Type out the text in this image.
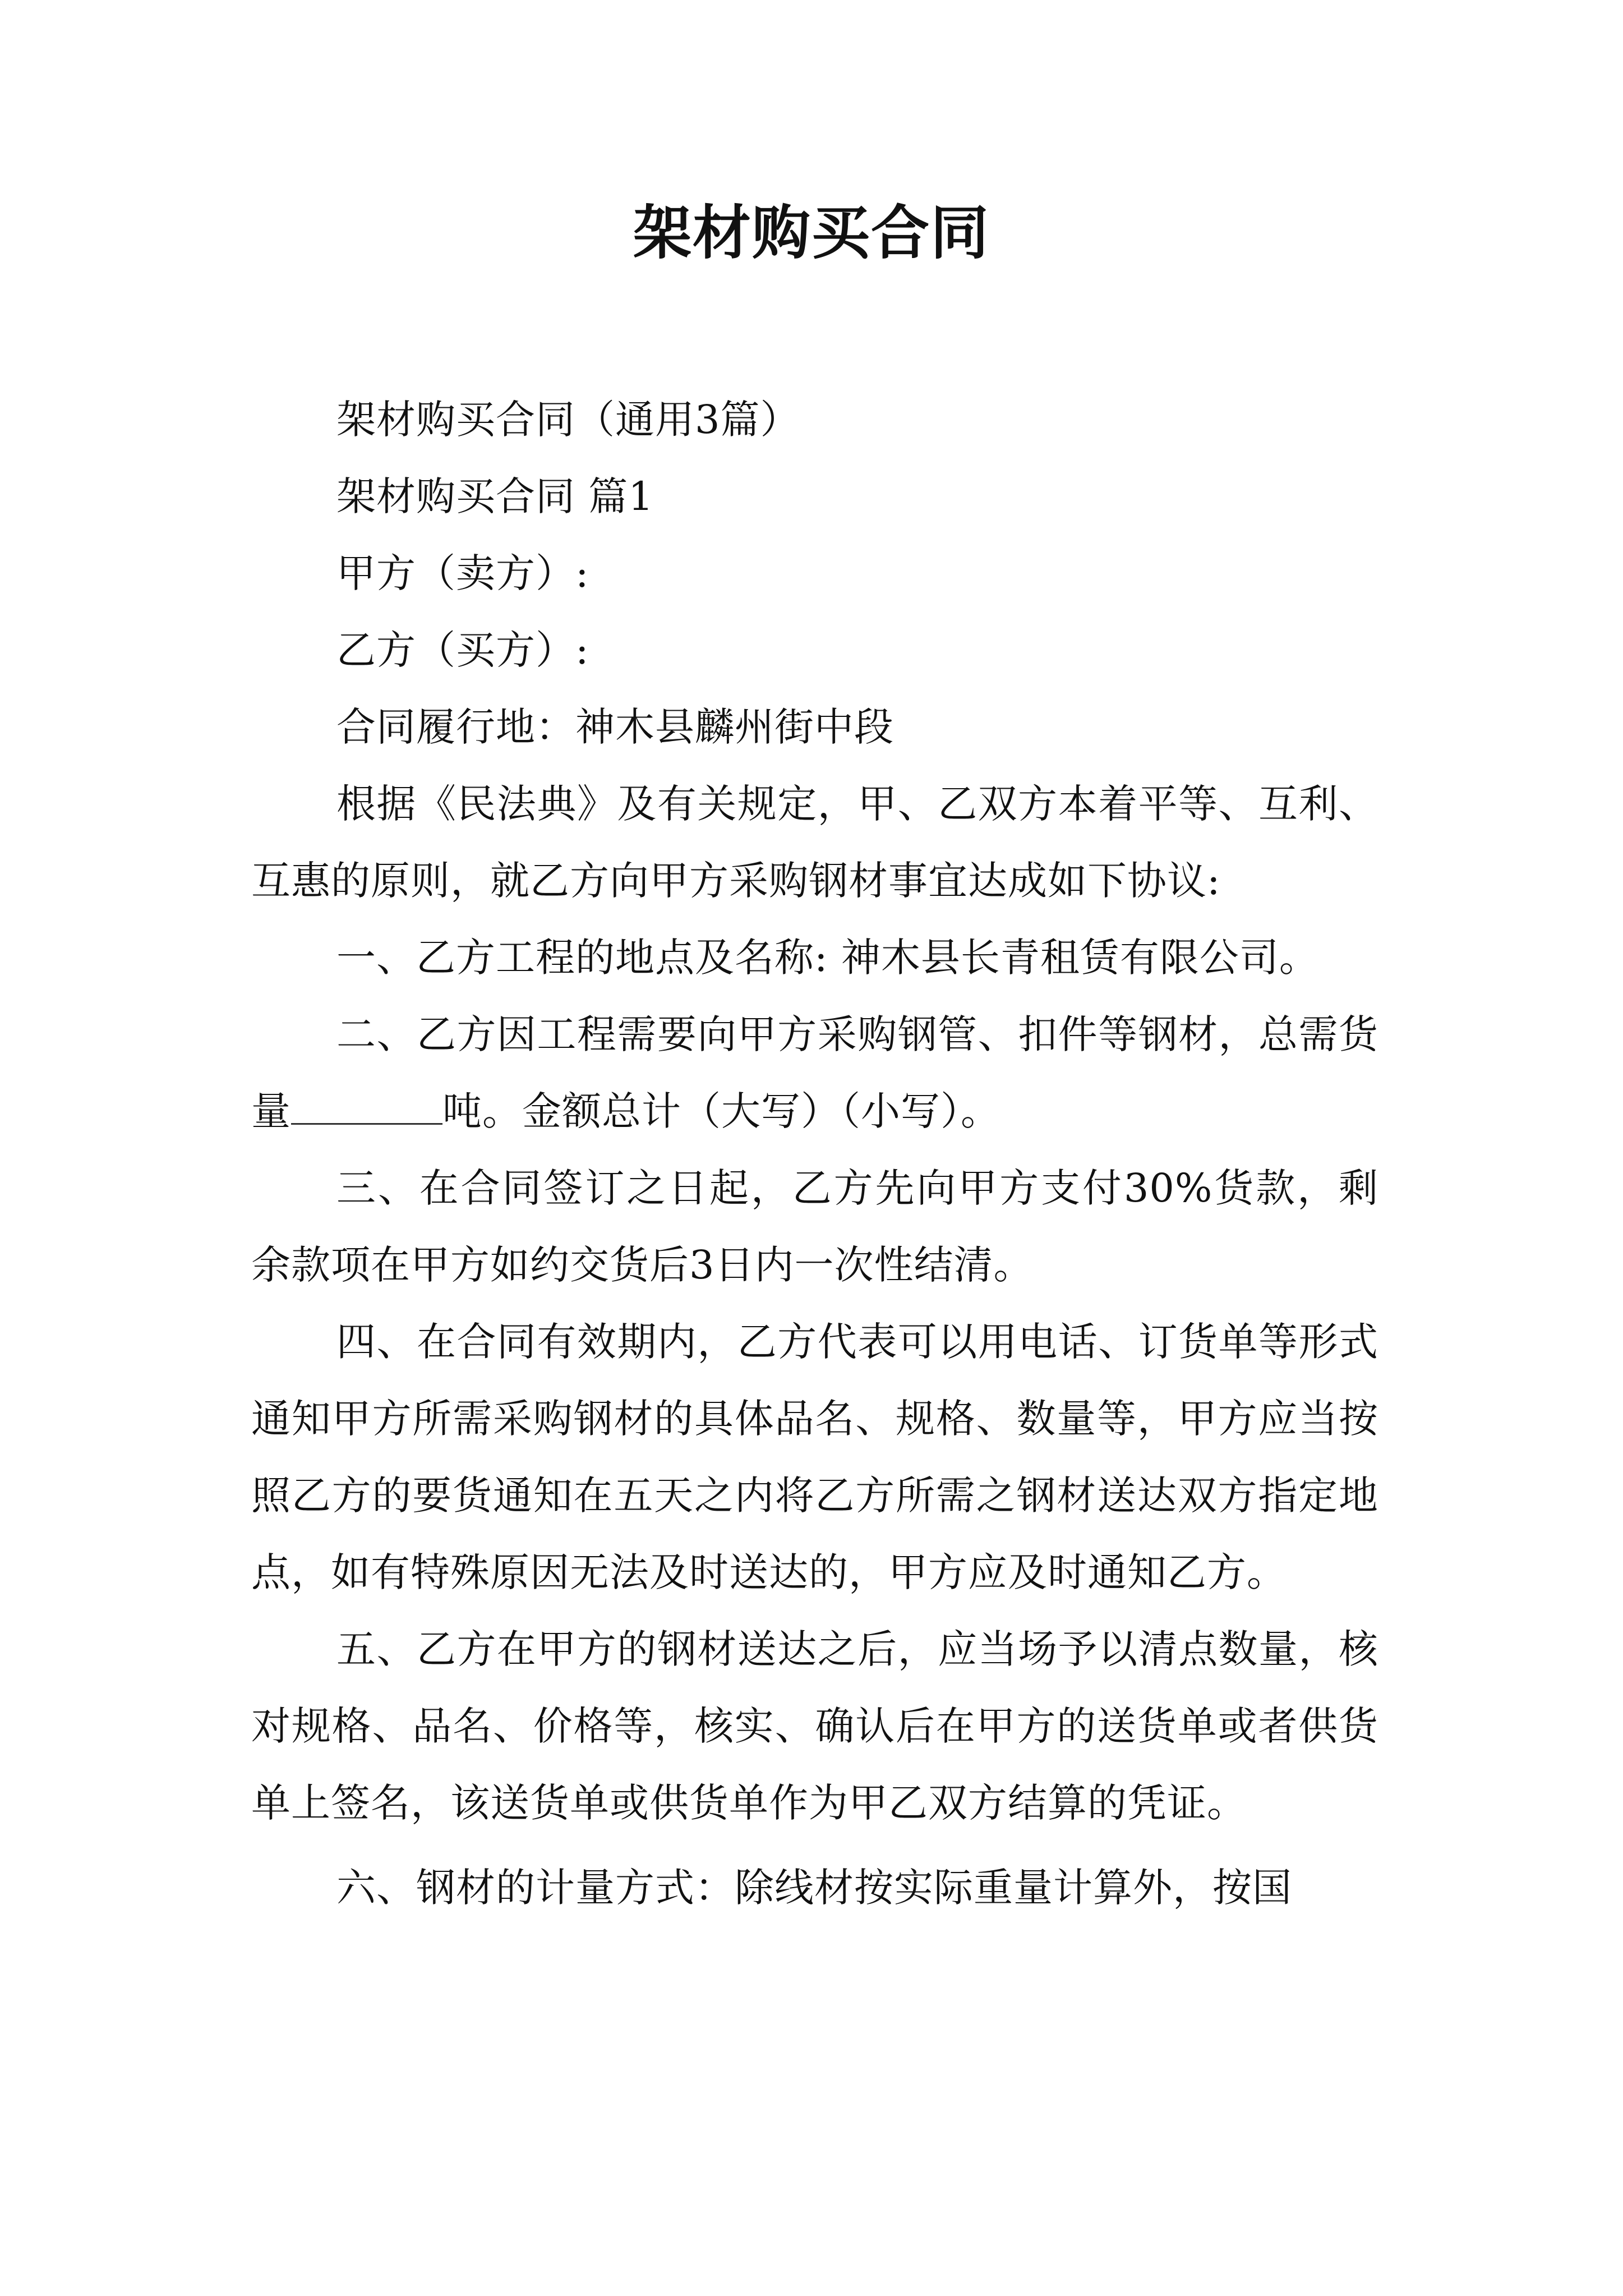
架材购买合同

架材购买合同（通用3篇）

架材购买合同 篇1

甲方（卖方）:

乙方（买方）:

合同履行地：神木县麟州街中段

根据《民法典》及有关规定，甲、乙双方本着平等、互利、互惠的原则，就乙方向甲方采购钢材事宜达成如下协议:

一、乙方工程的地点及名称: 神木县长青租赁有限公司。

二、乙方因工程需要向甲方采购钢管、扣件等钢材，总需货量	吨。金额总计（大写）（小写）。

三、在合同签订之日起，乙方先向甲方支付30%货款，剩余款项在甲方如约交货后3日内一次性结清。

四、在合同有效期内，乙方代表可以用电话、订货单等形式通知甲方所需采购钢材的具体品名、规格、数量等，甲方应当按照乙方的要货通知在五天之内将乙方所需之钢材送达双方指定地点，如有特殊原因无法及时送达的，甲方应及时通知乙方。

五、乙方在甲方的钢材送达之后，应当场予以清点数量，核对规格、品名、价格等，核实、确认后在甲方的送货单或者供货单上签名，该送货单或供货单作为甲乙双方结算的凭证。

六、钢材的计量方式：除线材按实际重量计算外，按国
